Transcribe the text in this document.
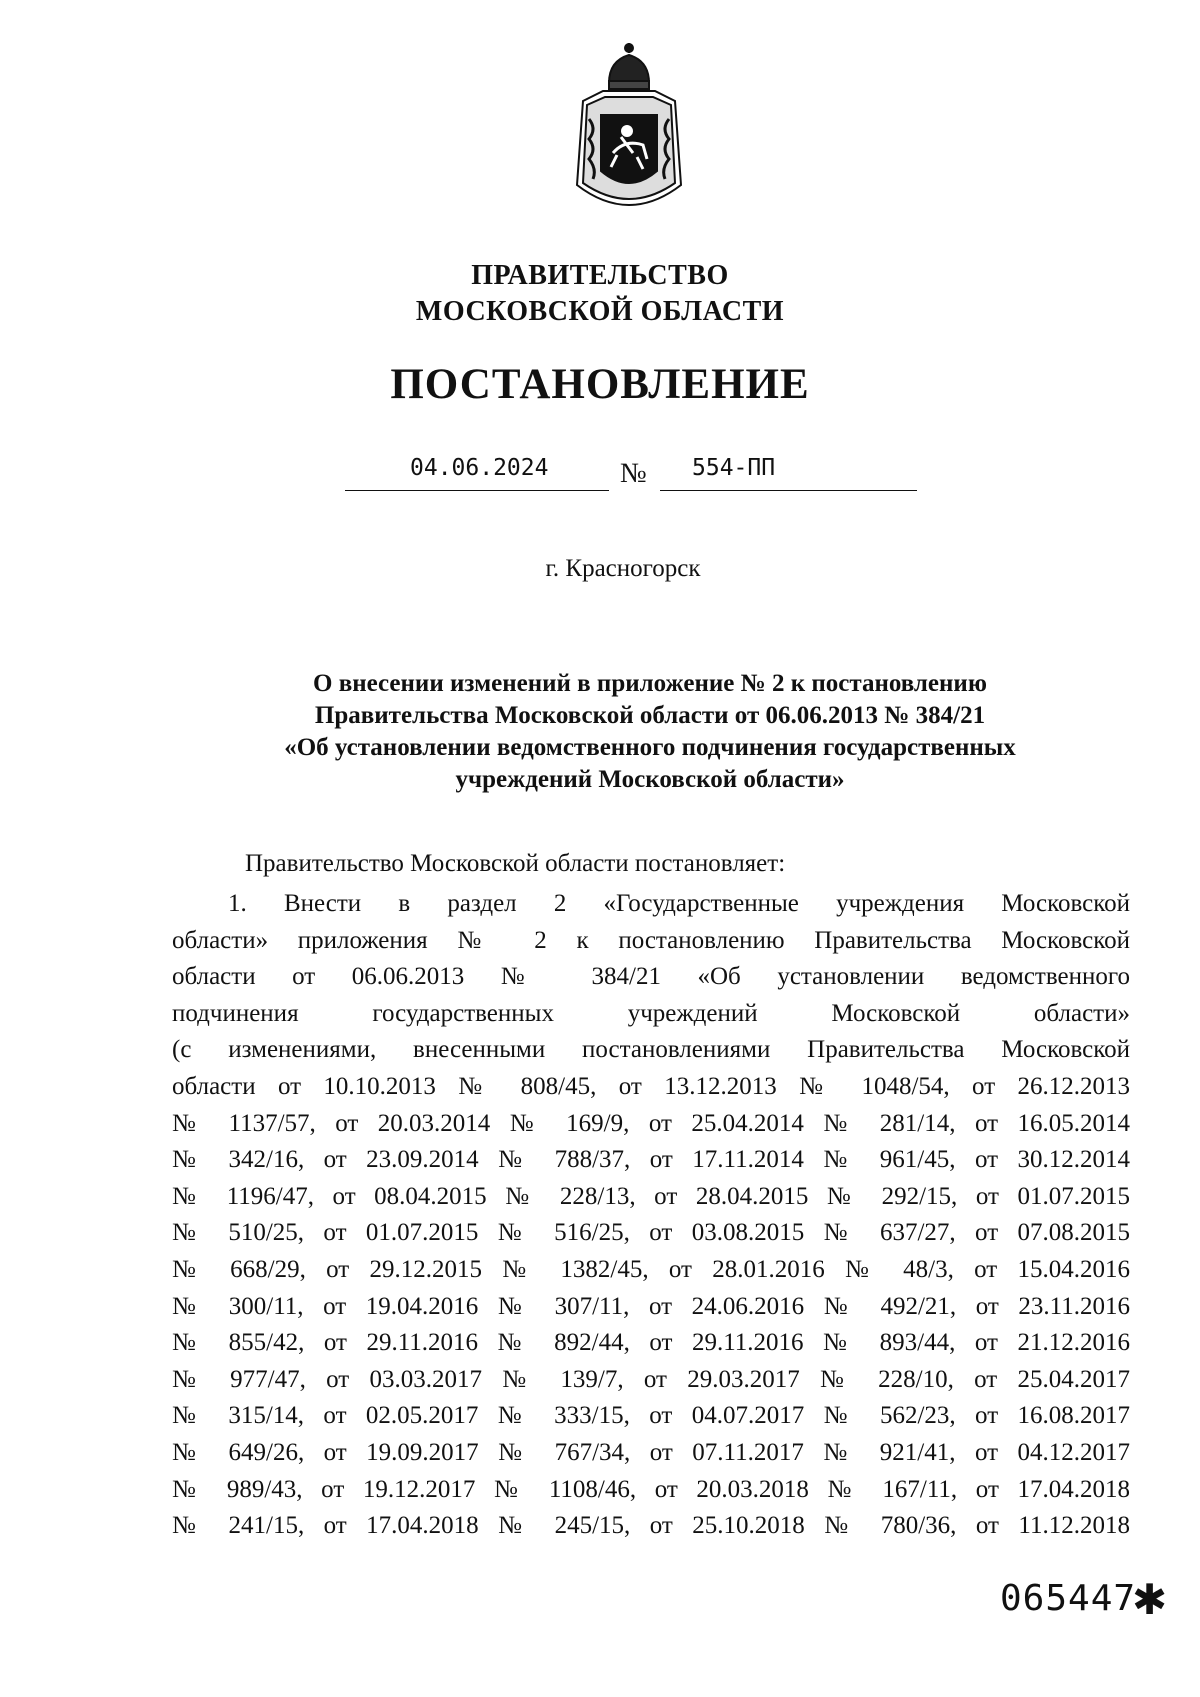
ПРАВИТЕЛЬСТВО
МОСКОВСКОЙ ОБЛАСТИ
ПОСТАНОВЛЕНИЕ
04.06.2024	№ 554-ПП
г. Красногорск
О внесении изменений в приложение № 2 к постановлению
Правительства Московской области от 06.06.2013 № 384/21
«Об установлении ведомственного подчинения государственных
учреждений Московской области»
Правительство Московской области постановляет:
1. Внести в раздел 2 «Государственные учреждения Московской
области» приложения № 2 к постановлению Правительства Московской
области от 06.06.2013 № 384/21 «Об установлении ведомственного
подчинения государственных учреждений Московской области»
(с изменениями, внесенными постановлениями Правительства Московской
области от 10.10.2013 № 808/45, от 13.12.2013 № 1048/54, от 26.12.2013
№ 1137/57, от 20.03.2014 № 169/9, от 25.04.2014 № 281/14, от 16.05.2014
№ 342/16, от 23.09.2014 № 788/37, от 17.11.2014 № 961/45, от 30.12.2014
№ 1196/47, от 08.04.2015 № 228/13, от 28.04.2015 № 292/15, от 01.07.2015
№ 510/25, от 01.07.2015 № 516/25, от 03.08.2015 № 637/27, от 07.08.2015
№ 668/29, от 29.12.2015 № 1382/45, от 28.01.2016 № 48/3, от 15.04.2016
№ 300/11, от 19.04.2016 № 307/11, от 24.06.2016 № 492/21, от 23.11.2016
№ 855/42, от 29.11.2016 № 892/44, от 29.11.2016 № 893/44, от 21.12.2016
№ 977/47, от 03.03.2017 № 139/7, от 29.03.2017 № 228/10, от 25.04.2017
№ 315/14, от 02.05.2017 № 333/15, от 04.07.2017 № 562/23, от 16.08.2017
№ 649/26, от 19.09.2017 № 767/34, от 07.11.2017 № 921/41, от 04.12.2017
№ 989/43, от 19.12.2017 № 1108/46, от 20.03.2018 № 167/11, от 17.04.2018
№ 241/15, от 17.04.2018 № 245/15, от 25.10.2018 № 780/36, от 11.12.2018
065447
✱
